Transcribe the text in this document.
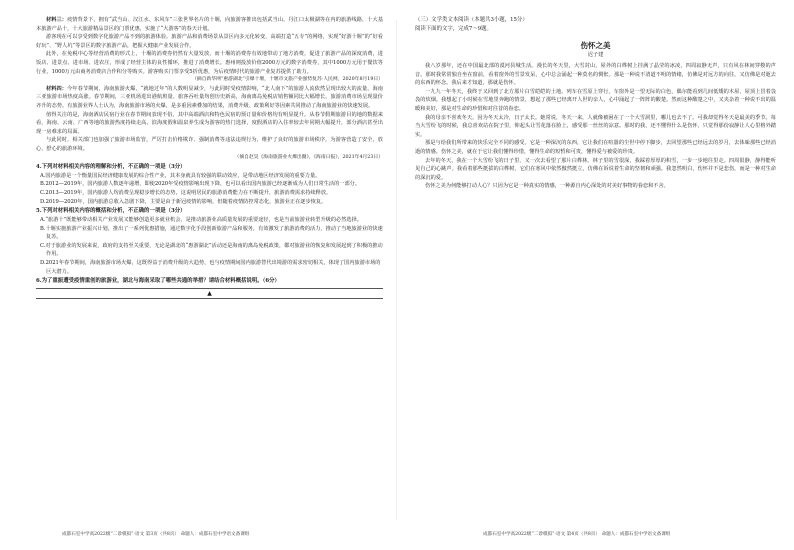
材料三：疫情背景下，拥有“武当山、汉江水、东风车”三张世界名片的十堰，向旅游客推出包括武当山、丹江口太极湖等在内的旅游线路，十大基本旅游产品十，十大旅游精品景区的门票优惠，实施了“大游客”的春天计划。

游客现在可以享受到数字化旅游产品不到的旅游体验。旅游产品和消费场景从景区向多元化转变，高端打造“五专”的网络，实现“好游十堰”的“好看好玩”、“野人坑”等景区的数字旅游产品，把握大健康产业发展合作。

此外，在免税中心等经营消费的形式上，十堰的消费券仍然有大量发放，而十堰的消费券有效地带动了地方消费，促进了旅游产品的深度消费，进饭店、进景点、进市场、进农庄，形成了经营主体的良性循环，推进了消费增长。惠州则投放价值2000万元的数字消费券，其中1000万元用于餐饮等行业，1000万元由商务消费店合作积分等购买。游客购买门票享受5折优惠，为后疫情时代的旅游产业复苏提供了助力。

（摘自新华网“惠游湖北”引爆十堰，十堰市文旅产业强势复苏·人民网，2020年8月19日）

材料四：今年春节期间，海南旅游火爆，“就地过年”的人数明显减少，与此同时受疫情影响，“北人南下”的旅游人流依然呈现出较大的流量，海南三亚旅游市场热度高涨。春节期间，三亚机场进出港航班量、旅客吞吐量均创历史新高，海南离岛免税店销售额同比大幅增长，旅游消费市场呈现量价齐升的态势。有旅游业界人士认为，海南旅游市场的火爆，是多重因素叠加的结果，消费升级、政策利好等因素共同推动了海南旅游业的快速发展。

值得关注的是，海南酒店民宿行业在春节期间表现不俗，其中高端酒店和特色民宿的预订量和价格均有明显提升。从春节假期旅游目的地的数据来看，海南、云南、广西等地的旅游热度持续走高，滨海度假和温泉养生成为游客的热门选择，度假酒店的入住率较去年同期大幅提升，部分酒店甚至出现一房难求的局面。

与此同时，相关部门也加强了旅游市场监管，严厉打击价格欺诈、强制消费等违法违规行为，维护了良好的旅游市场秩序，为游客营造了安全、放心、舒心的旅游环境。

（摘自赵昊《海南旅游业火爆出圈》，《海南日报》，2021年4月23日）

4.下列对材料相关内容的理解和分析，不正确的一项是（3分）

A.国内旅游是一个衡量国民经济健康发展的综合性产业，其本身就具有较强的联动效应，是带动地区经济发展的重要力量。

B.2012—2019年，国内旅游人数逐年递增，即使2020年受疫情影响出现下降，也可以看出国内旅游已经逐渐成为人们日常生活的一部分。

C.2013—2019年，国内旅游人均消费呈现稳步增长的态势，这说明居民的旅游消费能力在不断提升，旅游消费需求持续释放。

D.2019—2020年，国内旅游总收入急剧下降，主要是由于新冠疫情的影响，但随着疫情防控常态化，旅游业正在逐步恢复。

5.下列对材料相关内容的概括和分析，不正确的一项是（3分）

A.“旅游十”既能够带动相关产业发展又能够创造更多就业机会，是推动旅游业高质量发展的重要途径，也是当前旅游业转型升级的必然选择。

B.十堰实施旅游产业振兴计划，推出了一系列优惠措施，通过数字化手段创新旅游产品和服务，有效激发了旅游消费的活力，推动了当地旅游业的快速复苏。

C.对于旅游业的发展来说，政府的支持至关重要，无论是湖北的“惠游湖北”活动还是海南的离岛免税政策，都对旅游业的恢复和发展起到了积极的推动作用。

D.2021年春节期间，海南旅游市场火爆，这既得益于消费升级的大趋势，也与疫情期间国内旅游替代出境游的需求密切相关，体现了国内旅游市场的巨大潜力。

6.为了重振遭受疫情重创的旅游业，湖北与海南采取了哪些共通的举措？请结合材料概括说明。（6分）

▲
成都石室中学高2022级“二诊模拟”·语文 第3页（共8页） 命题人：成都石室中学语文备课组

（三）文学类文本阅读（本题共3小题，15分）

阅读下面的文字，完成7～9题。

伤怀之美

迟子建

我八岁那年，还在中国最北部的漠河县城生活。漫长的冬天里，大雪封山，屋外的白桦树上挂满了晶莹的冰凌，四周寂静无声，只有风在林间穿梭的声音。那时我常常独自坐在窗前，看着窗外的雪景发呆，心中总会涌起一种莫名的惆怅。那是一种说不清道不明的情绪，仿佛是对远方的向往，又仿佛是对逝去的东西的怀念。我后来才知道，那就是伤怀。

一九九一年冬天，我终于又回到了北方那片白雪皑皑的土地。列车在雪原上穿行，车窗外是一望无际的白色，偶尔能看到几间低矮的木屋，屋顶上冒着袅袅的炊烟。我想起了小时候在雪地里奔跑的情景，想起了那些已经离开人世的亲人，心中涌起了一阵阵的酸楚。然而这种酸楚之中，又夹杂着一种说不出的温暖和美好，那是对生命的珍惜和对往昔的眷恋。

我的母亲不喜欢冬天，因为冬天太冷，日子太长。她常说，冬天一来，人就像被困在了一个大雪洞里，哪儿也去不了。可我却觉得冬天是最美的季节。每当大雪纷飞的时候，我总喜欢站在院子里，仰起头让雪花落在脸上，感受那一丝丝的凉意。那时的我，还不懂得什么是伤怀，只觉得那份寂静让人心里格外踏实。

那是与给我们所带来的快乐完全不同的感受。它是一种深沉的东西，它让我们在喧嚣的尘世中停下脚步，去回望那些已经远去的岁月，去体味那些已经消逝的情感。伤怀之美，就在于它让我们懂得珍惜，懂得生命的短暂和可贵，懂得爱与被爱的珍贵。

去年的冬天，我在一个大雪纷飞的日子里，又一次去看望了那片白桦林。林子里的雪很深，我踩着厚厚的积雪，一步一步地往里走。四周很静，静得能听见自己的心跳声。我看着那些挺拔的白桦树，它们在寒风中依然傲然挺立，仿佛在诉说着生命的坚韧和顽强。我忽然明白，伤怀并不是悲伤，而是一种对生命的深沉的爱。

伤怀之美为何能够打动人心？只因为它是一种真实的情感，一种源自内心深处的对美好事物的眷恋和不舍。

成都石室中学高2022级“二诊模拟”·语文 第4页（共8页） 命题人：成都石室中学语文备课组
